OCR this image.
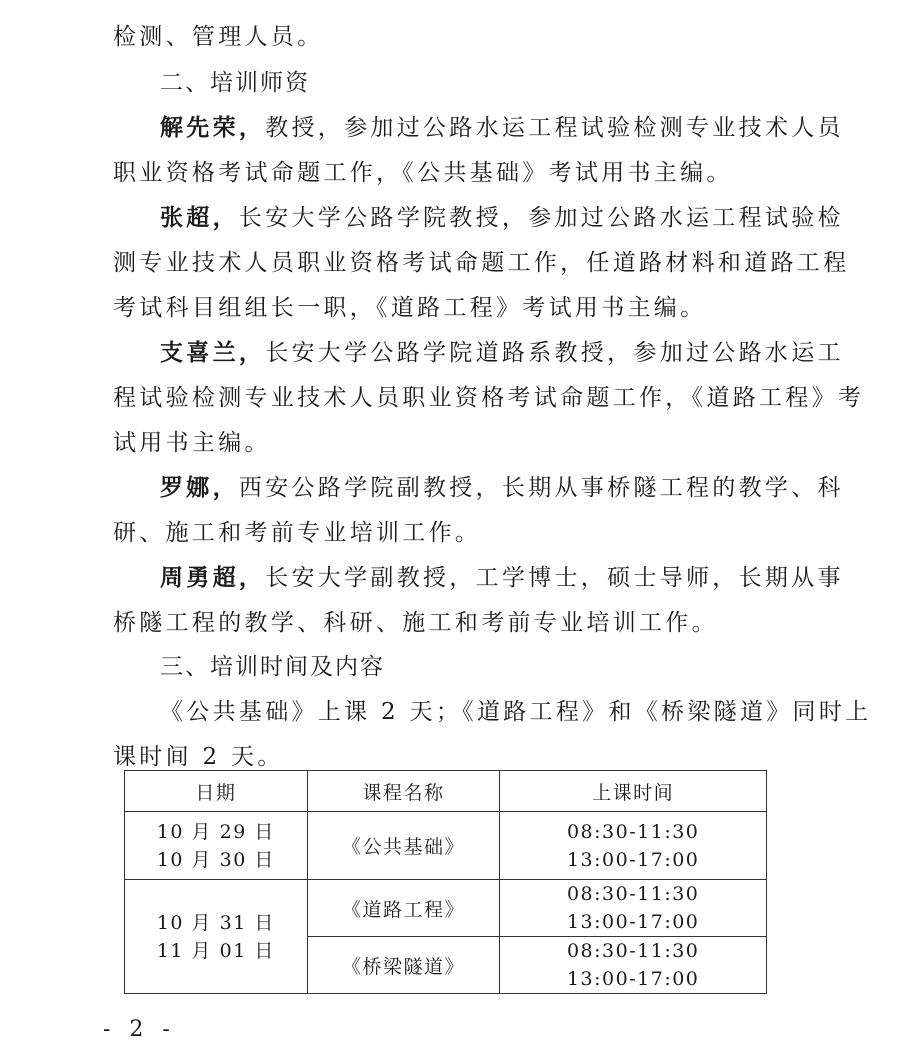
检测、管理人员。
二、培训师资
解先荣，教授，参加过公路水运工程试验检测专业技术人员
职业资格考试命题工作，《公共基础》考试用书主编。
张超，长安大学公路学院教授，参加过公路水运工程试验检
测专业技术人员职业资格考试命题工作，任道路材料和道路工程
考试科目组组长一职，《道路工程》考试用书主编。
支喜兰，长安大学公路学院道路系教授，参加过公路水运工
程试验检测专业技术人员职业资格考试命题工作，《道路工程》考
试用书主编。
罗娜，西安公路学院副教授，长期从事桥隧工程的教学、科
研、施工和考前专业培训工作。
周勇超，长安大学副教授，工学博士，硕士导师，长期从事
桥隧工程的教学、科研、施工和考前专业培训工作。
三、培训时间及内容
《公共基础》上课 2 天；《道路工程》和《桥梁隧道》同时上
课时间 2 天。
日期	课程名称	上课时间

10 月 29 日
10 月 30 日	《公共基础》	08:30-11:30
13:00-17:00

10 月 31 日
11 月 01 日	《道路工程》	08:30-11:30
13:00-17:00

	《桥梁隧道》	08:30-11:30
13:00-17:00
- 2 -
